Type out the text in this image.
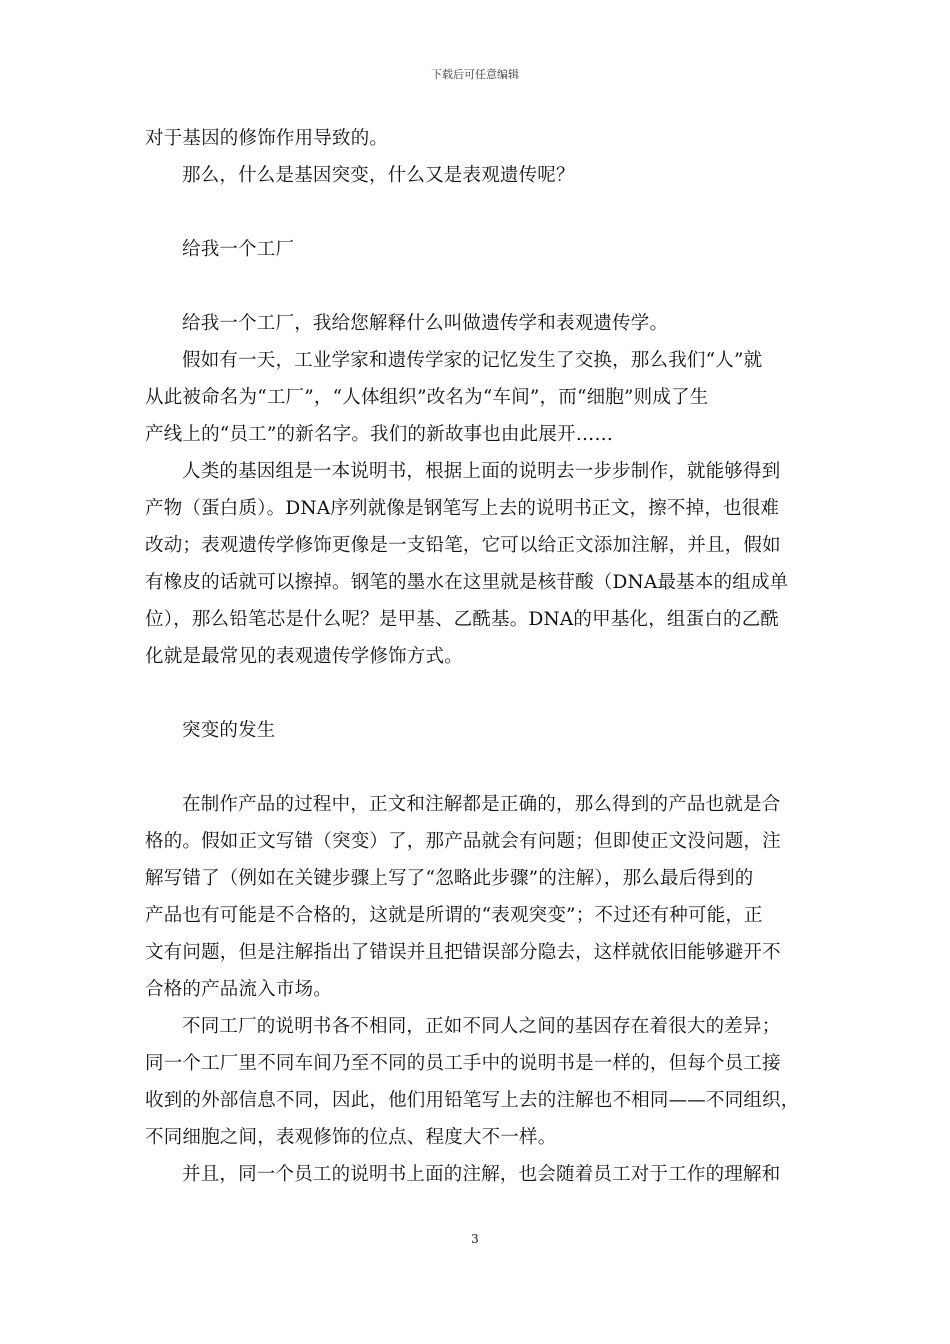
下载后可任意编辑
对于基因的修饰作用导致的。
那么，什么是基因突变，什么又是表观遗传呢？
给我一个工厂
给我一个工厂，我给您解释什么叫做遗传学和表观遗传学。
假如有一天，工业学家和遗传学家的记忆发生了交换，那么我们“人”就
从此被命名为“工厂”，“人体组织”改名为“车间”，而“细胞”则成了生
产线上的“员工”的新名字。我们的新故事也由此展开……
人类的基因组是一本说明书，根据上面的说明去一步步制作，就能够得到
产物（蛋白质）。DNA序列就像是钢笔写上去的说明书正文，擦不掉，也很难
改动；表观遗传学修饰更像是一支铅笔，它可以给正文添加注解，并且，假如
有橡皮的话就可以擦掉。钢笔的墨水在这里就是核苷酸（DNA最基本的组成单
位），那么铅笔芯是什么呢？是甲基、乙酰基。DNA的甲基化，组蛋白的乙酰
化就是最常见的表观遗传学修饰方式。
突变的发生
在制作产品的过程中，正文和注解都是正确的，那么得到的产品也就是合
格的。假如正文写错（突变）了，那产品就会有问题；但即使正文没问题，注
解写错了（例如在关键步骤上写了“忽略此步骤”的注解），那么最后得到的
产品也有可能是不合格的，这就是所谓的“表观突变”；不过还有种可能，正
文有问题，但是注解指出了错误并且把错误部分隐去，这样就依旧能够避开不
合格的产品流入市场。
不同工厂的说明书各不相同，正如不同人之间的基因存在着很大的差异；
同一个工厂里不同车间乃至不同的员工手中的说明书是一样的，但每个员工接
收到的外部信息不同，因此，他们用铅笔写上去的注解也不相同——不同组织，
不同细胞之间，表观修饰的位点、程度大不一样。
并且，同一个员工的说明书上面的注解，也会随着员工对于工作的理解和
3
